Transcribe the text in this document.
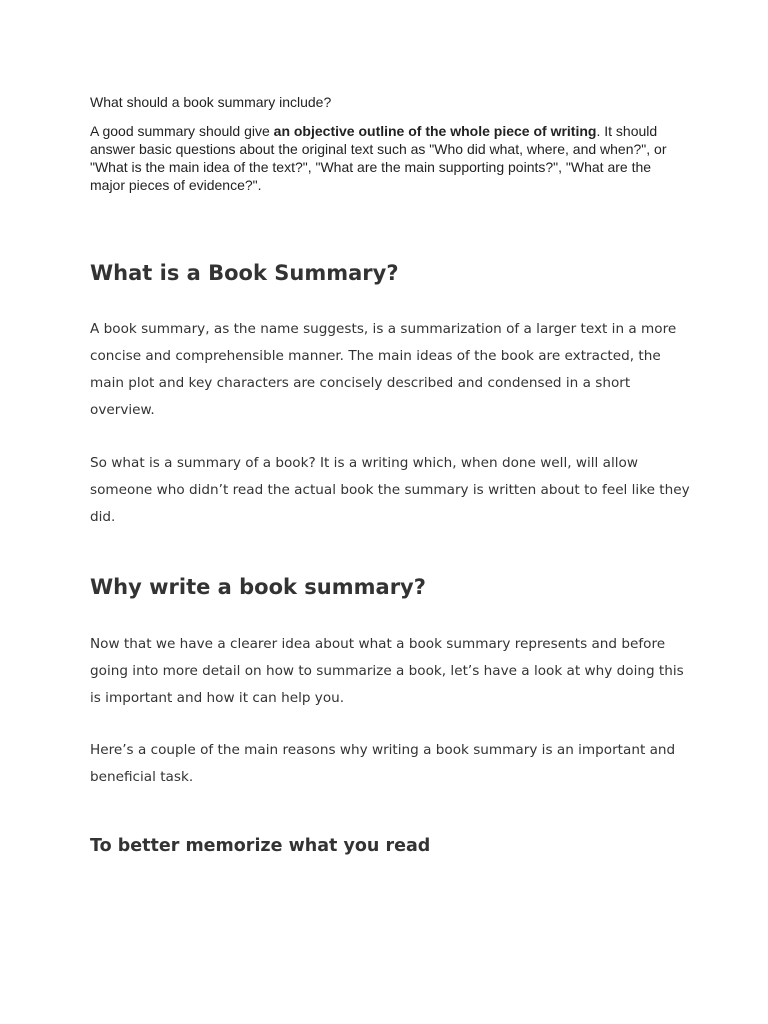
What should a book summary include?
A good summary should give an objective outline of the whole piece of writing. It should answer basic questions about the original text such as "Who did what, where, and when?", or "What is the main idea of the text?", "What are the main supporting points?", "What are the major pieces of evidence?".
What is a Book Summary?
A book summary, as the name suggests, is a summarization of a larger text in a more concise and comprehensible manner. The main ideas of the book are extracted, the main plot and key characters are concisely described and condensed in a short overview.
So what is a summary of a book? It is a writing which, when done well, will allow someone who didn’t read the actual book the summary is written about to feel like they did.
Why write a book summary?
Now that we have a clearer idea about what a book summary represents and before going into more detail on how to summarize a book, let’s have a look at why doing this is important and how it can help you.
Here’s a couple of the main reasons why writing a book summary is an important and beneficial task.
To better memorize what you read
